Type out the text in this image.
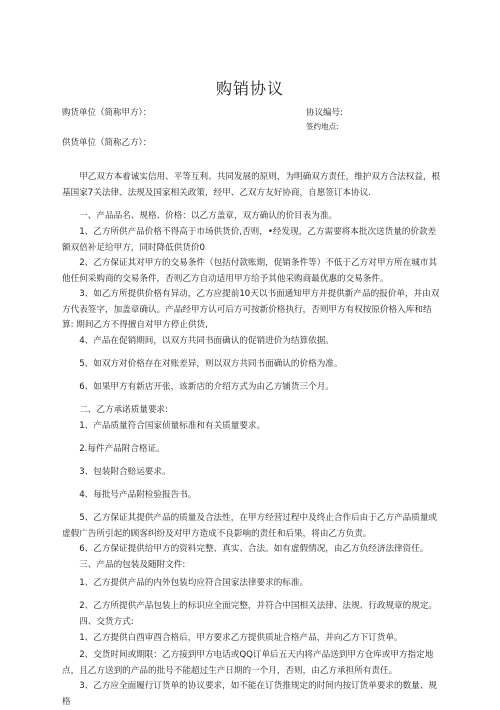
购销协议
购货单位（简称甲方）：	协议编号:
签约地点:
供货单位（简称乙方）：
甲乙双方本着诚实信用、平等互利、共同发展的原则，为明确双方责任，维护双方合法权益，根基国家7关法律、法规及国家相关政策，经甲、乙双方友好协商，自愿签订本协议.
一、产品品名、规格、价格：以乙方盖章，双方确认的价目表为准。
1、乙方所供产品价格不得高于市场供货价,否则，•经发现，乙方需要将本批次送货量的价款差额双倍补足给甲方，同时降低供货价0
2、乙方保证其对甲方的交易条件（包括付款账期，促销条件等）不低于乙方对甲方所在城市其他任何采购商的交易条件，否则乙方自动适用甲方给予其他采购商最优惠的交易条件。
3、如乙方所提供价格有异动，乙方应提前10天以书面通知甲方并提供新产品的报价单，并由双方代表签字，加盖章确认。产品经甲方认可后方可按新价格执行，否则甲方有权按原价格入库和结算: 期间乙方不得擅自对甲方停止供货,
4、产品在促销期间，以双方共同书面确认的促销进价为结算依据。
5、如双方对价格存在对账差异，则以双方共同书面确认的价格为准。
6、如果甲方有新店开张，该新店的介绍方式为由乙方铺货三个月。
二、乙方承诺质量要求:
1、产品质量符合国家侦量标准和有关质量要求。
2.每件产品附合格证。
3、包装附合赔运要求。
4、每批号产品附检验报告书。
5、乙方保证其提供产品的质量及合法性，在甲方经营过程中及终止合作后由于乙方产品质量或虚假广告所引起的顾客纠纷及对甲方造成不良影响的责任和后果，将由乙方负责。
6、乙方保证提供给甲方的资料完整、真实、合法。如有虚假情况，由乙方负经济法律资任。
三、产品的包装及随附文件:
1、乙方提供产品的内外包装均应符合国家法律要求的标准。
2、乙方所提供产品包装上的标识应全面完整，并符合中国相关法律、法规、行政规章的规定。
四、交货方式:
1、乙方提供白酉审酉合格后，甲方要求乙方提供质址合格产品，并向乙方下订货单。
2、交货时间或期限：乙方接到甲方电话或QQ订单后五天内将产品送到甲方仓库或甲方指定地点，且乙方送到的产品的批号不能超过生产日期的一个月，否则，由乙方承担所有责任。
3、乙方应全面履行订货单的协议要求，如不能在订货推规定的时间内按订货单要求的数量、规格
